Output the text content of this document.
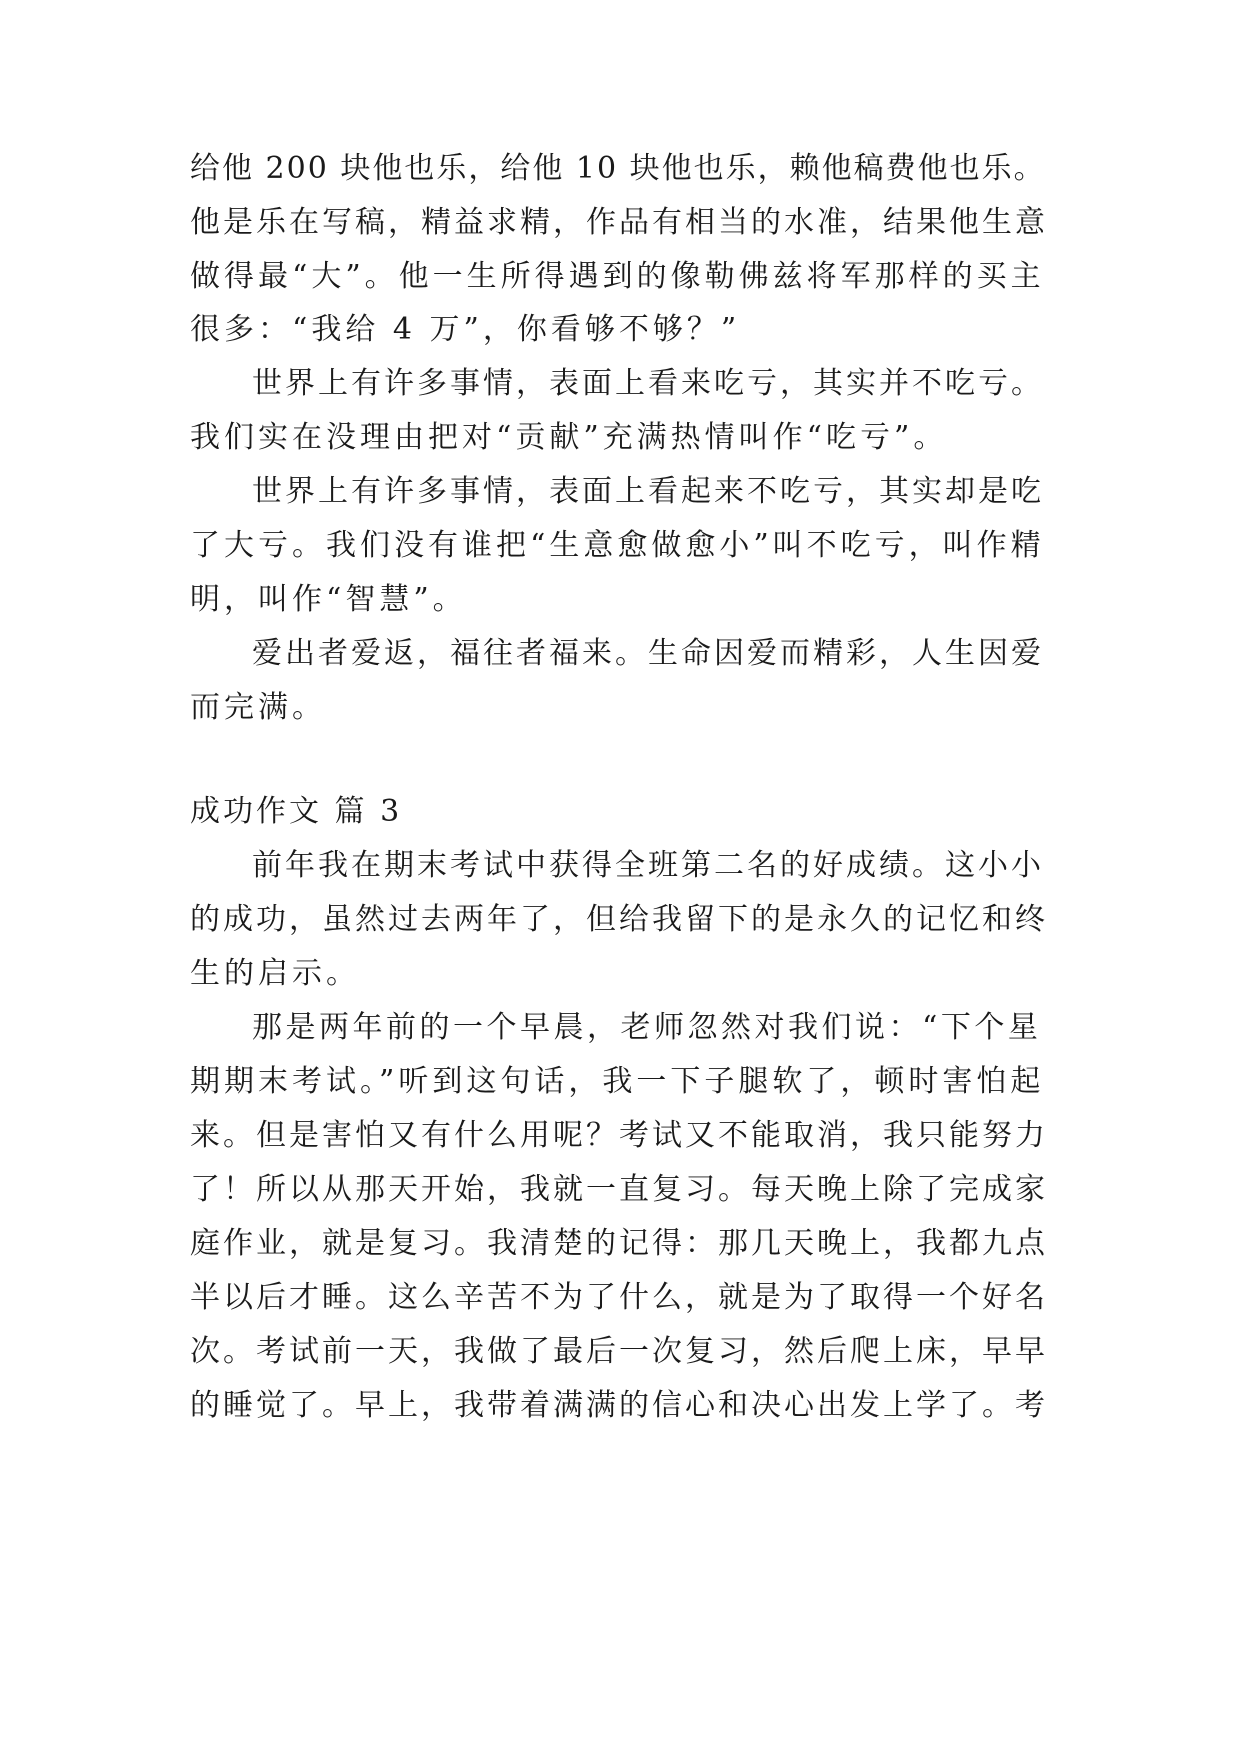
给他 200 块他也乐，给他 10 块他也乐，赖他稿费他也乐。
他是乐在写稿，精益求精，作品有相当的水准，结果他生意
做得最“大”。他一生所得遇到的像勒佛兹将军那样的买主
很多：“我给 4 万”，你看够不够？”
世界上有许多事情，表面上看来吃亏，其实并不吃亏。
我们实在没理由把对“贡献”充满热情叫作“吃亏”。
世界上有许多事情，表面上看起来不吃亏，其实却是吃
了大亏。我们没有谁把“生意愈做愈小”叫不吃亏，叫作精
明，叫作“智慧”。
爱出者爱返，福往者福来。生命因爱而精彩，人生因爱
而完满。
成功作文 篇 3
前年我在期末考试中获得全班第二名的好成绩。这小小
的成功，虽然过去两年了，但给我留下的是永久的记忆和终
生的启示。
那是两年前的一个早晨，老师忽然对我们说：“下个星
期期末考试。”听到这句话，我一下子腿软了，顿时害怕起
来。但是害怕又有什么用呢？考试又不能取消，我只能努力
了！所以从那天开始，我就一直复习。每天晚上除了完成家
庭作业，就是复习。我清楚的记得：那几天晚上，我都九点
半以后才睡。这么辛苦不为了什么，就是为了取得一个好名
次。考试前一天，我做了最后一次复习，然后爬上床，早早
的睡觉了。早上，我带着满满的信心和决心出发上学了。考
